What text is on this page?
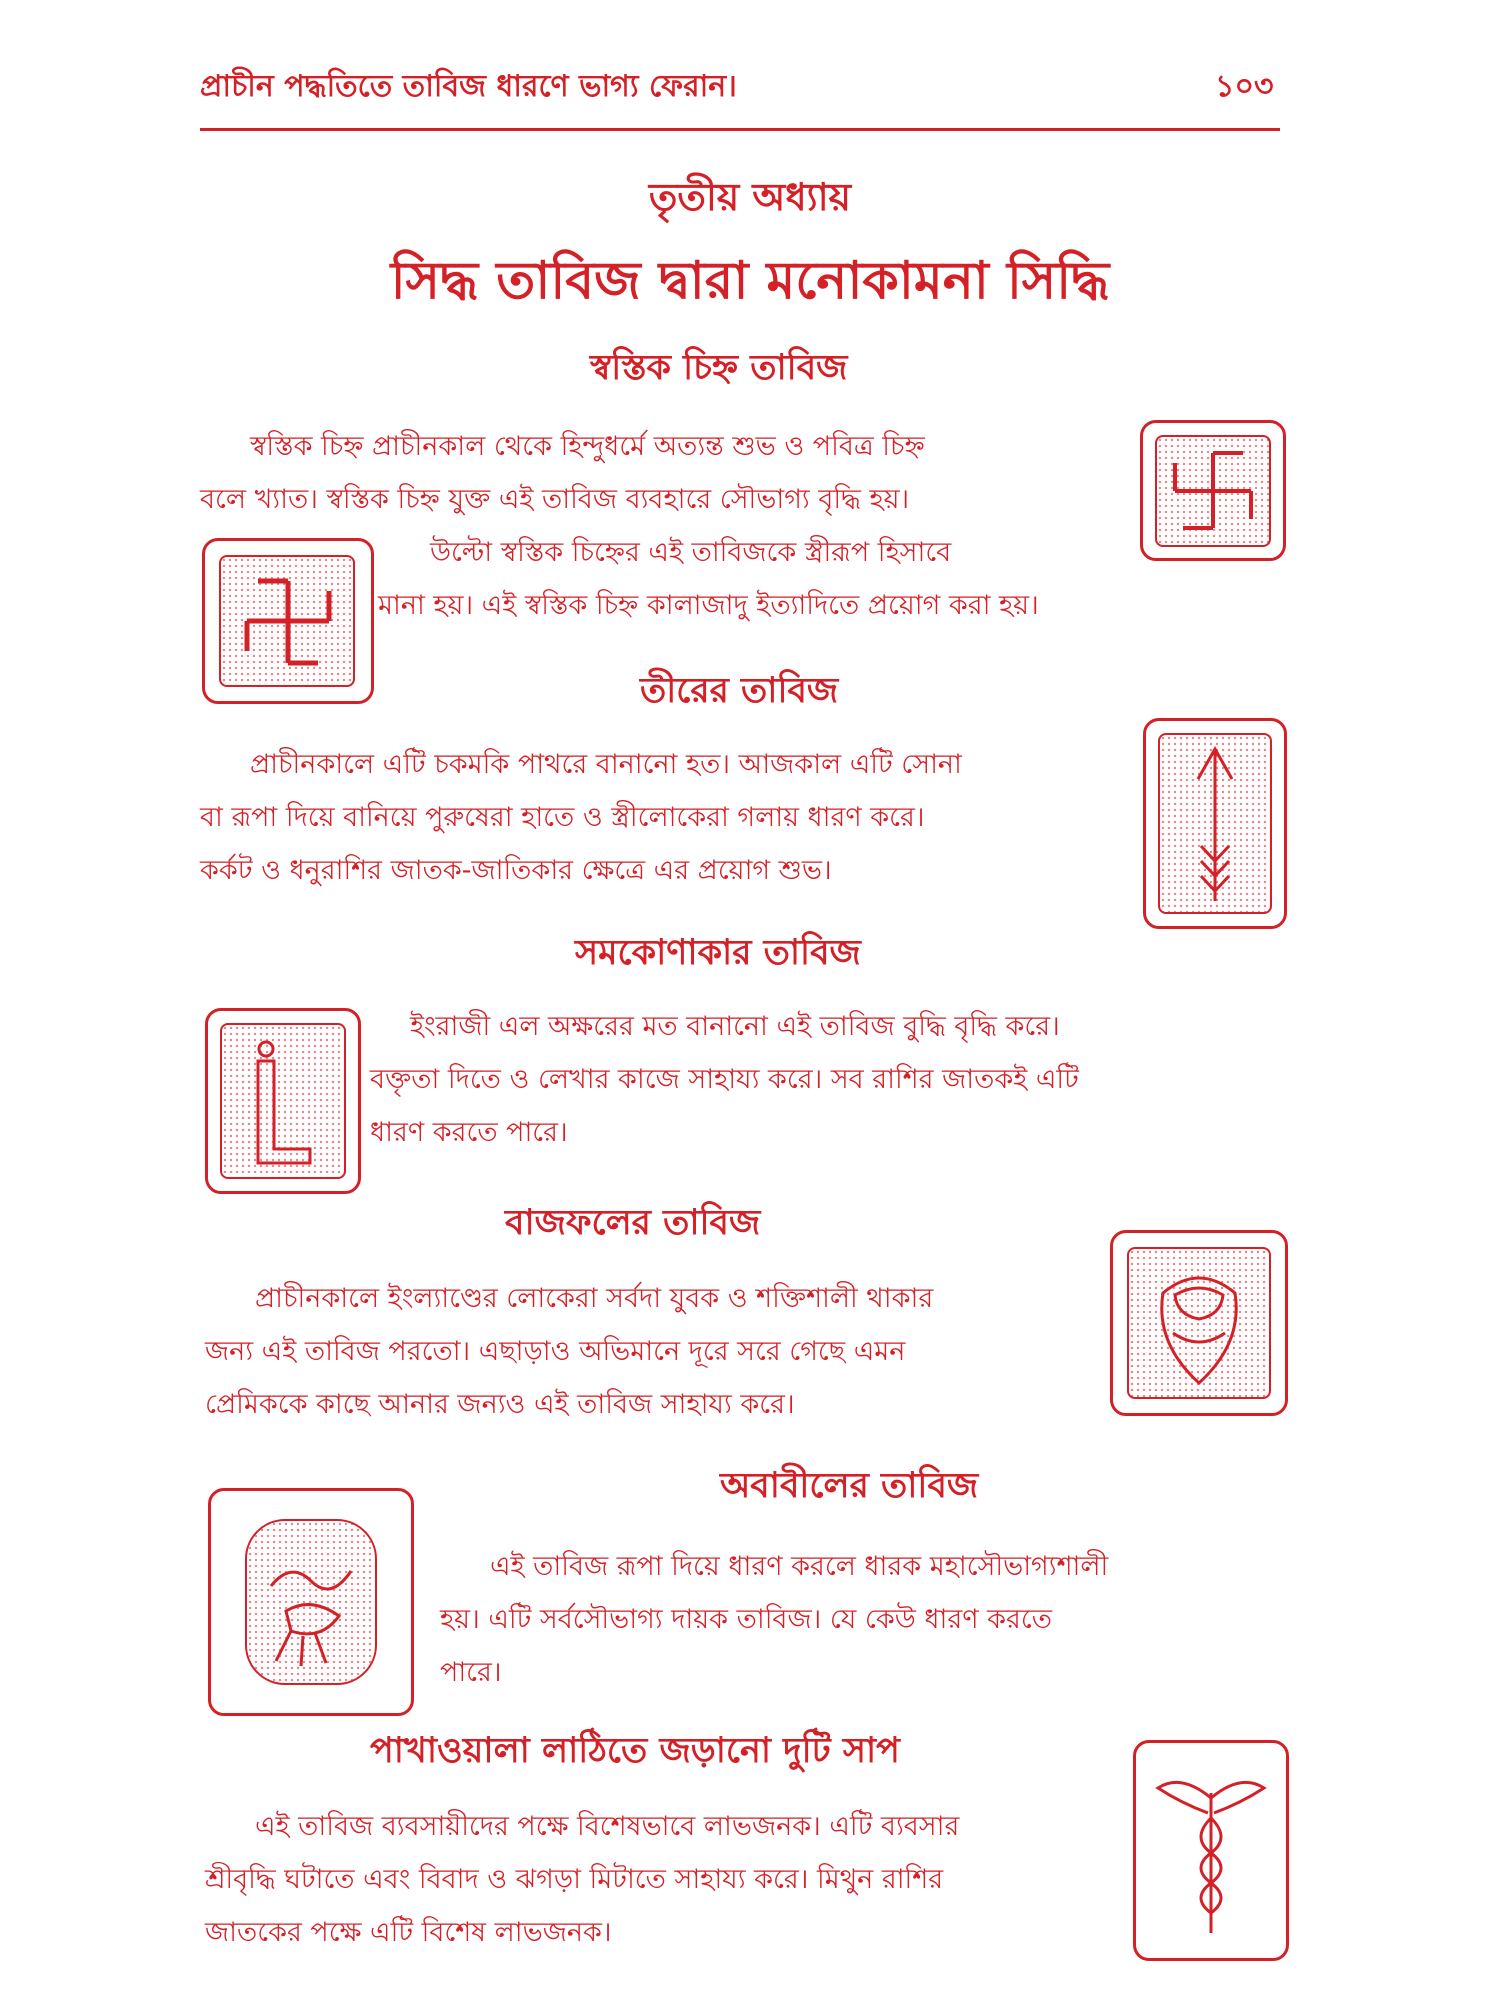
প্রাচীন পদ্ধতিতে তাবিজ ধারণে ভাগ্য ফেরান।	১০৩
তৃতীয় অধ্যায়
সিদ্ধ তাবিজ দ্বারা মনোকামনা সিদ্ধি
স্বস্তিক চিহ্ন তাবিজ
স্বস্তিক চিহ্ন প্রাচীনকাল থেকে হিন্দুধর্মে অত্যন্ত শুভ ও পবিত্র চিহ্ন
বলে খ্যাত। স্বস্তিক চিহ্ন যুক্ত এই তাবিজ ব্যবহারে সৌভাগ্য বৃদ্ধি হয়।
উল্টো স্বস্তিক চিহ্নের এই তাবিজকে স্ত্রীরূপ হিসাবে
মানা হয়। এই স্বস্তিক চিহ্ন কালাজাদু ইত্যাদিতে প্রয়োগ করা হয়।
তীরের তাবিজ
প্রাচীনকালে এটি চকমকি পাথরে বানানো হত। আজকাল এটি সোনা
বা রূপা দিয়ে বানিয়ে পুরুষেরা হাতে ও স্ত্রীলোকেরা গলায় ধারণ করে।
কর্কট ও ধনুরাশির জাতক-জাতিকার ক্ষেত্রে এর প্রয়োগ শুভ।
সমকোণাকার তাবিজ
ইংরাজী এল অক্ষরের মত বানানো এই তাবিজ বুদ্ধি বৃদ্ধি করে।
বক্তৃতা দিতে ও লেখার কাজে সাহায্য করে। সব রাশির জাতকই এটি
ধারণ করতে পারে।
বাজফলের তাবিজ
প্রাচীনকালে ইংল্যাণ্ডের লোকেরা সর্বদা যুবক ও শক্তিশালী থাকার
জন্য এই তাবিজ পরতো। এছাড়াও অভিমানে দূরে সরে গেছে এমন
প্রেমিককে কাছে আনার জন্যও এই তাবিজ সাহায্য করে।
অবাবীলের তাবিজ
এই তাবিজ রূপা দিয়ে ধারণ করলে ধারক মহাসৌভাগ্যশালী
হয়। এটি সর্বসৌভাগ্য দায়ক তাবিজ। যে কেউ ধারণ করতে
পারে।
পাখাওয়ালা লাঠিতে জড়ানো দুটি সাপ
এই তাবিজ ব্যবসায়ীদের পক্ষে বিশেষভাবে লাভজনক। এটি ব্যবসার
শ্রীবৃদ্ধি ঘটাতে এবং বিবাদ ও ঝগড়া মিটাতে সাহায্য করে। মিথুন রাশির
জাতকের পক্ষে এটি বিশেষ লাভজনক।
